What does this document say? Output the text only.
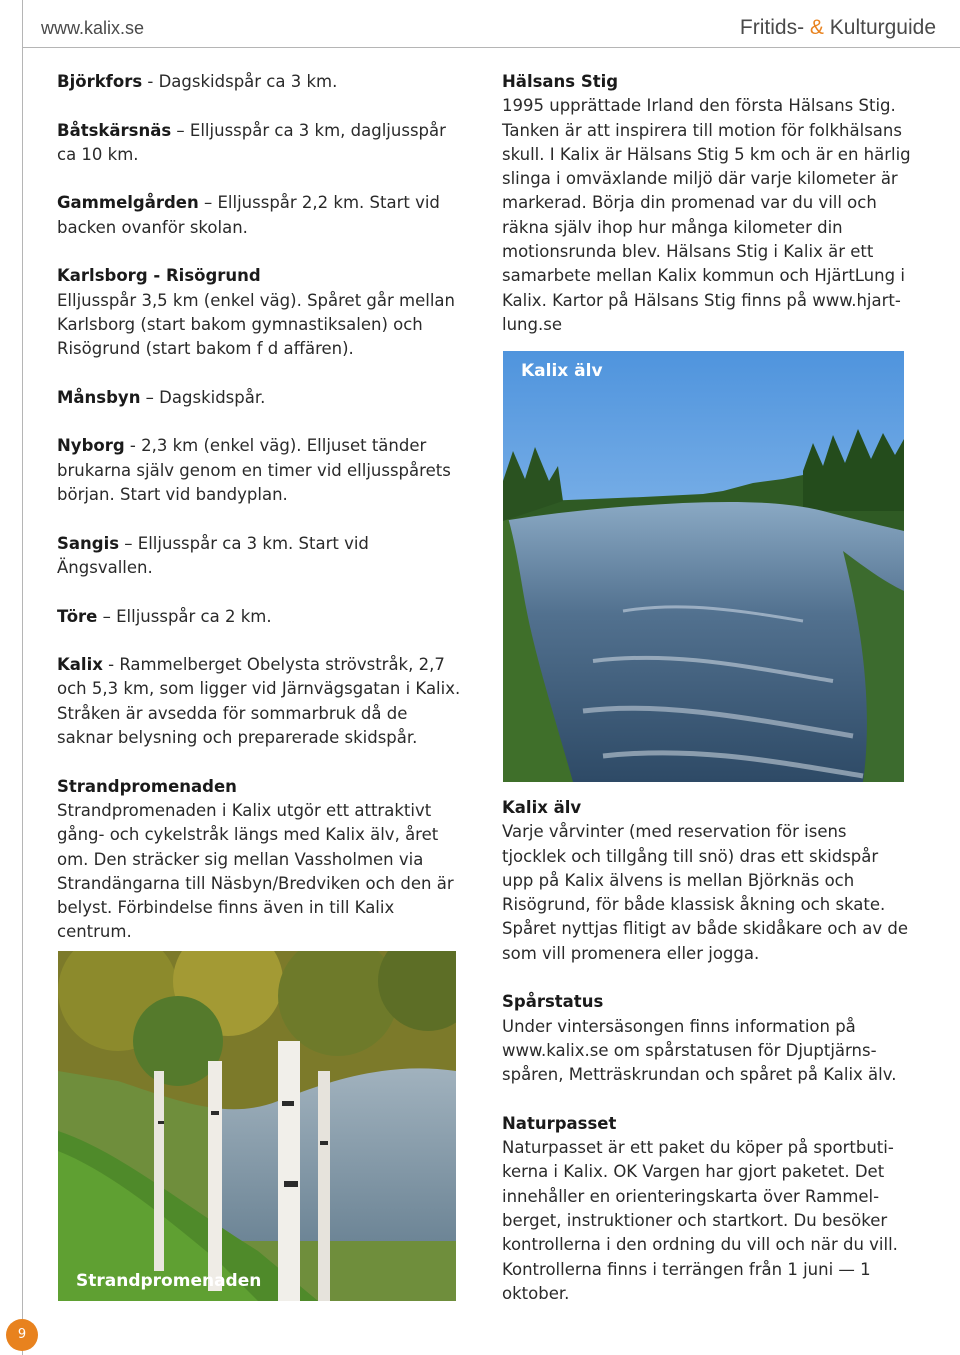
www.kalix.se	Fritids- & Kulturguide

Björkfors - Dagskidspår ca 3 km.

Båtskärsnäs – Elljusspår ca 3 km, dagljusspår ca 10 km.

Gammelgården – Elljusspår 2,2 km. Start vid backen ovanför skolan.

Karlsborg - Risögrund
Elljusspår 3,5 km (enkel väg). Spåret går mellan Karlsborg (start bakom gymnastiksalen) och Risögrund (start bakom f d affären).

Månsbyn – Dagskidspår.

Nyborg - 2,3 km (enkel väg). Elljuset tänder brukarna själv genom en timer vid elljusspårets början. Start vid bandyplan.

Sangis – Elljusspår ca 3 km. Start vid Ängsvallen.

Töre – Elljusspår ca 2 km.

Kalix - Rammelberget Obelysta strövstråk, 2,7 och 5,3 km, som ligger vid Järnvägsgatan i Kalix. Stråken är avsedda för sommarbruk då de saknar belysning och preparerade skidspår.

Strandpromenaden
Strandpromenaden i Kalix utgör ett attraktivt gång- och cykelstråk längs med Kalix älv, året om. Den sträcker sig mellan Vassholmen via Strandängarna till Näsbyn/Bredviken och den är belyst. Förbindelse finns även in till Kalix centrum.

Hälsans Stig
1995 upprättade Irland den första Hälsans Stig. Tanken är att inspirera till motion för folkhälsans skull. I Kalix är Hälsans Stig 5 km och är en härlig slinga i omväxlande miljö där varje kilometer är markerad. Börja din promenad var du vill och räkna själv ihop hur många kilometer din motionsrunda blev. Hälsans Stig i Kalix är ett samarbete mellan Kalix kommun och HjärtLung i Kalix. Kartor på Hälsans Stig finns på www.hjart-lung.se

Kalix älv
Varje vårvinter (med reservation för isens tjocklek och tillgång till snö) dras ett skidspår upp på Kalix älvens is mellan Björknäs och Risögrund, för både klassisk åkning och skate. Spåret nyttjas flitigt av både skidåkare och av de som vill promenera eller jogga.

Spårstatus
Under vintersäsongen finns information på www.kalix.se om spårstatusen för Djuptjärnsspåren, Metträskrundan och spåret på Kalix älv.

Naturpasset
Naturpasset är ett paket du köper på sportbutikerna i Kalix. OK Vargen har gjort paketet. Det innehåller en orienteringskarta över Rammelberget, instruktioner och startkort. Du besöker kontrollerna i den ordning du vill och när du vill. Kontrollerna finns i terrängen från 1 juni — 1 oktober.

Kalix älv
Strandpromenaden
9
